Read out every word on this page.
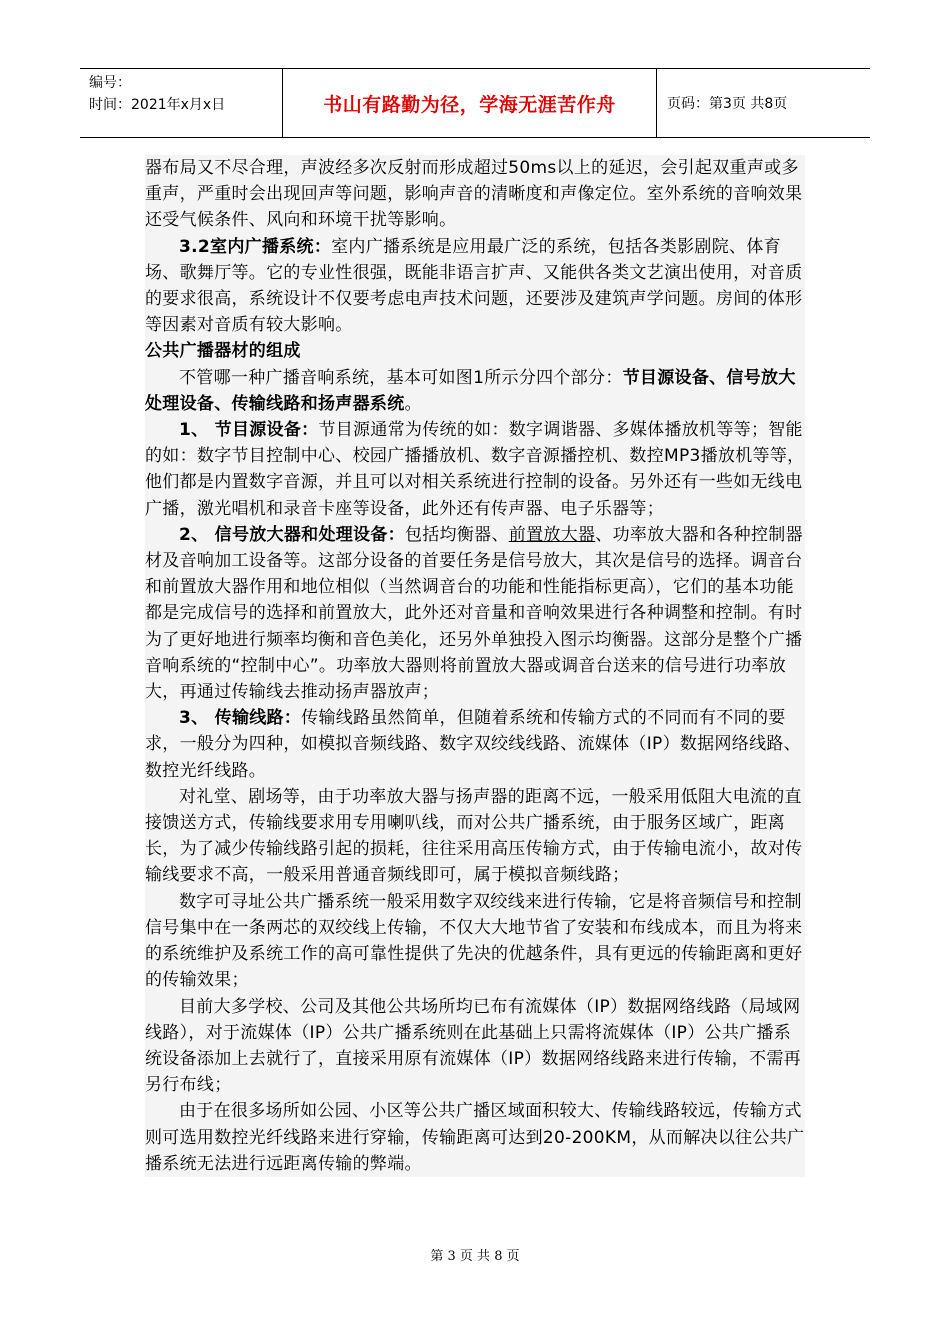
编号：
时间：2021年x月x日	书山有路勤为径，学海无涯苦作舟	页码：第3页 共8页

器布局又不尽合理，声波经多次反射而形成超过50ms以上的延迟，会引起双重声或多重声，严重时会出现回声等问题，影响声音的清晰度和声像定位。室外系统的音响效果还受气候条件、风向和环境干扰等影响。

3.2室内广播系统：室内广播系统是应用最广泛的系统，包括各类影剧院、体育场、歌舞厅等。它的专业性很强，既能非语言扩声、又能供各类文艺演出使用，对音质的要求很高，系统设计不仅要考虑电声技术问题，还要涉及建筑声学问题。房间的体形等因素对音质有较大影响。

公共广播器材的组成

不管哪一种广播音响系统，基本可如图1所示分四个部分：节目源设备、信号放大处理设备、传输线路和扬声器系统。

1、 节目源设备：节目源通常为传统的如：数字调谐器、多媒体播放机等等；智能的如：数字节目控制中心、校园广播播放机、数字音源播控机、数控MP3播放机等等，他们都是内置数字音源，并且可以对相关系统进行控制的设备。另外还有一些如无线电广播，激光唱机和录音卡座等设备，此外还有传声器、电子乐器等；

2、 信号放大器和处理设备：包括均衡器、前置放大器、功率放大器和各种控制器材及音响加工设备等。这部分设备的首要任务是信号放大，其次是信号的选择。调音台和前置放大器作用和地位相似（当然调音台的功能和性能指标更高），它们的基本功能都是完成信号的选择和前置放大，此外还对音量和音响效果进行各种调整和控制。有时为了更好地进行频率均衡和音色美化，还另外单独投入图示均衡器。这部分是整个广播音响系统的“控制中心”。功率放大器则将前置放大器或调音台送来的信号进行功率放大，再通过传输线去推动扬声器放声；

3、 传输线路：传输线路虽然简单，但随着系统和传输方式的不同而有不同的要求，一般分为四种，如模拟音频线路、数字双绞线线路、流媒体（IP）数据网络线路、数控光纤线路。

对礼堂、剧场等，由于功率放大器与扬声器的距离不远，一般采用低阻大电流的直接馈送方式，传输线要求用专用喇叭线，而对公共广播系统，由于服务区域广，距离长，为了减少传输线路引起的损耗，往往采用高压传输方式，由于传输电流小，故对传输线要求不高，一般采用普通音频线即可，属于模拟音频线路；

数字可寻址公共广播系统一般采用数字双绞线来进行传输，它是将音频信号和控制信号集中在一条两芯的双绞线上传输，不仅大大地节省了安装和布线成本，而且为将来的系统维护及系统工作的高可靠性提供了先决的优越条件，具有更远的传输距离和更好的传输效果；

目前大多学校、公司及其他公共场所均已布有流媒体（IP）数据网络线路（局域网线路），对于流媒体（IP）公共广播系统则在此基础上只需将流媒体（IP）公共广播系统设备添加上去就行了，直接采用原有流媒体（IP）数据网络线路来进行传输，不需再另行布线；

由于在很多场所如公园、小区等公共广播区域面积较大、传输线路较远，传输方式则可选用数控光纤线路来进行穿输，传输距离可达到20-200KM，从而解决以往公共广播系统无法进行远距离传输的弊端。

第 3 页 共 8 页
